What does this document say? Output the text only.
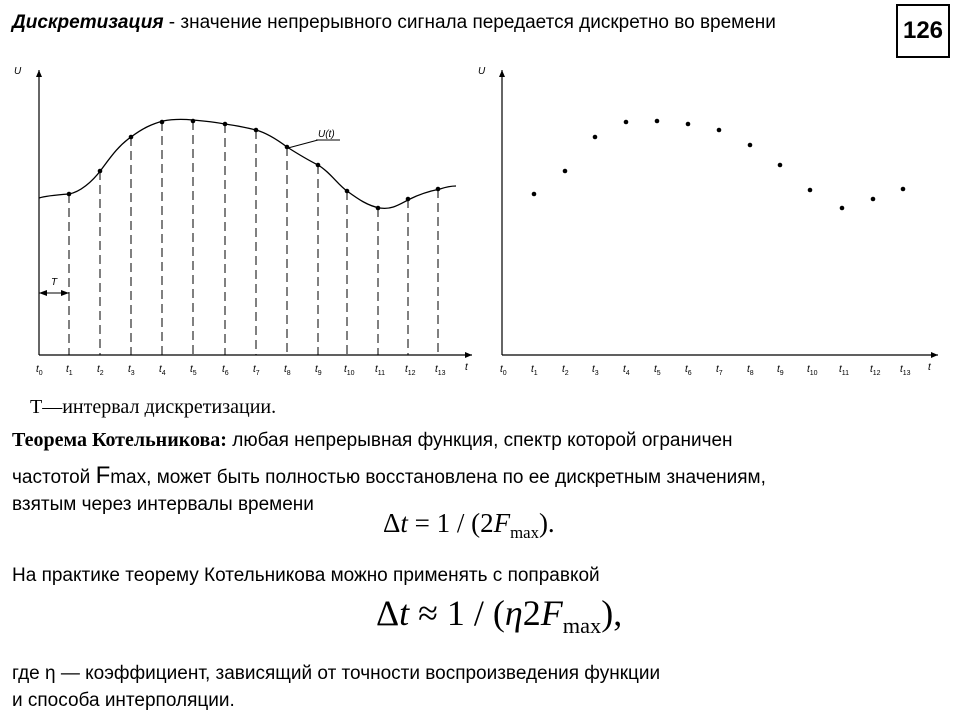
Дискретизация - значение непрерывного сигнала передается дискретно во времени	126
U
t
U(t)
T
$t_0$ $t_1$ $t_2$ $t_3$ $t_4$ $t_5$	$t_6$ $t_7$ $t_8$ $t_9$ $t_{10}$ $t_{11}$ $t_{12}$ $t_{13}$
U
t
$t_0$ $t_1$ $t_2$ $t_3$ $t_4$ $t_5$ $t_6$ $t_7$ $t_8$ $t_9$ $t_{10}$ $t_{11}$ $t_{12}$ $t_{13}$
T—интервал дискретизации.
Теорема Котельникова: любая непрерывная функция, спектр которой ограничен
частотой Fmax, может быть полностью восстановлена по ее дискретным значениям,
взятым через интервалы времени
$\Delta t = 1 / (2F_{max})$.
На практике теорему Котельникова можно применять с поправкой
$\Delta t \approx 1 / (\eta 2F_{max})$,
где η — коэффициент, зависящий от точности воспроизведения функции
и способа интерполяции.
